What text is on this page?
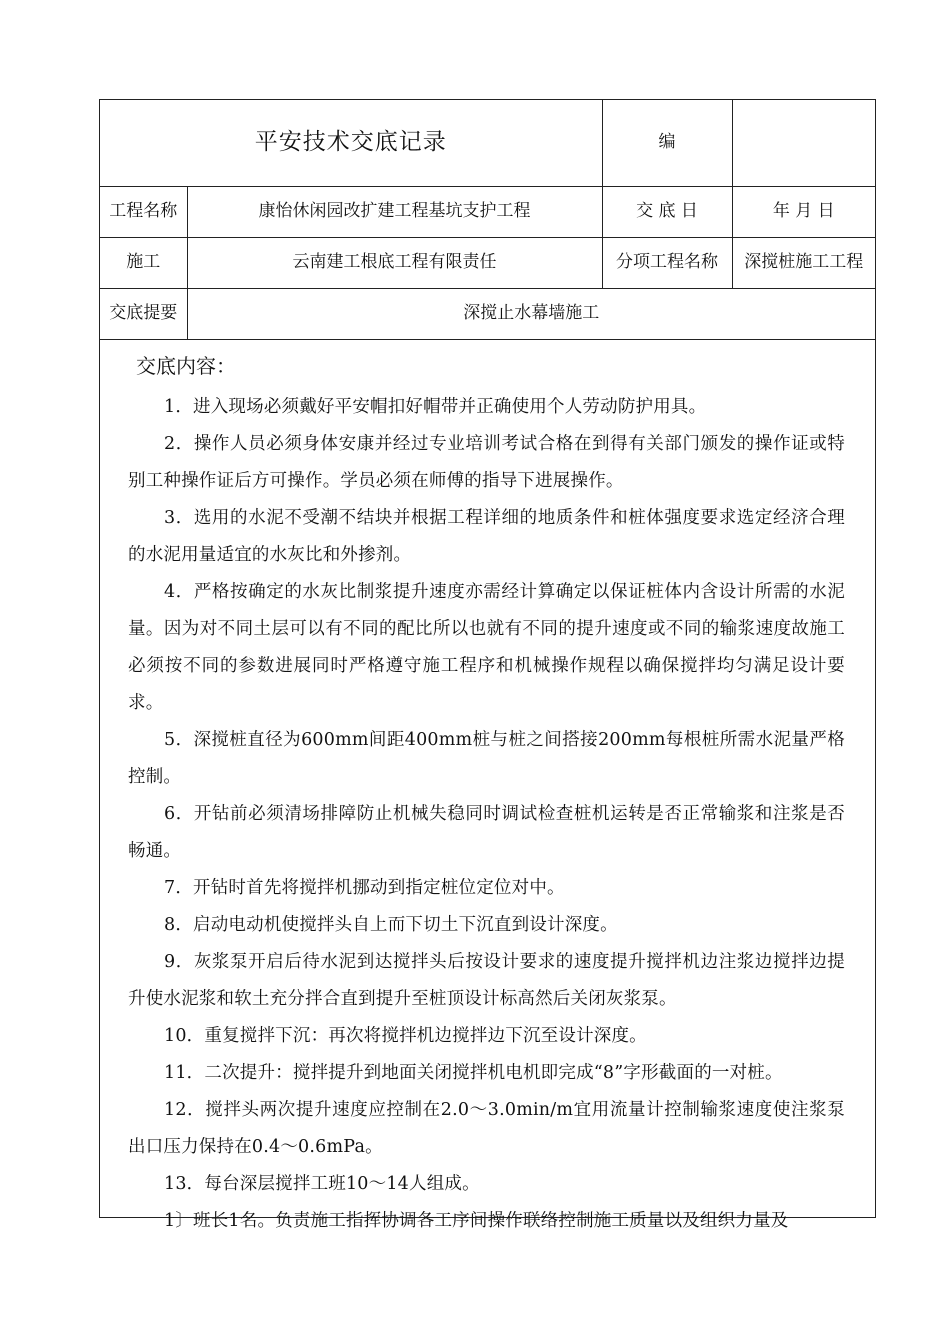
平安技术交底记录		编	
工程名称	康怡休闲园改扩建工程基坑支护工程	交 底 日	年 月 日
施工	云南建工根底工程有限责任	分项工程名称	深搅桩施工工程
交底提要	深搅止水幕墙施工		
交底内容：

1．进入现场必须戴好平安帽扣好帽带并正确使用个人劳动防护用具。

2．操作人员必须身体安康并经过专业培训考试合格在到得有关部门颁发的操作证或特别工种操作证后方可操作。学员必须在师傅的指导下进展操作。

3．选用的水泥不受潮不结块并根据工程详细的地质条件和桩体强度要求选定经济合理的水泥用量适宜的水灰比和外掺剂。

4．严格按确定的水灰比制浆提升速度亦需经计算确定以保证桩体内含设计所需的水泥量。因为对不同土层可以有不同的配比所以也就有不同的提升速度或不同的输浆速度故施工必须按不同的参数进展同时严格遵守施工程序和机械操作规程以确保搅拌均匀满足设计要求。

5．深搅桩直径为600mm间距400mm桩与桩之间搭接200mm每根桩所需水泥量严格控制。

6．开钻前必须清场排障防止机械失稳同时调试检查桩机运转是否正常输浆和注浆是否畅通。

7．开钻时首先将搅拌机挪动到指定桩位定位对中。

8．启动电动机使搅拌头自上而下切土下沉直到设计深度。

9．灰浆泵开启后待水泥到达搅拌头后按设计要求的速度提升搅拌机边注浆边搅拌边提升使水泥浆和软土充分拌合直到提升至桩顶设计标高然后关闭灰浆泵。

10．重复搅拌下沉：再次将搅拌机边搅拌边下沉至设计深度。

11．二次提升：搅拌提升到地面关闭搅拌机电机即完成“8”字形截面的一对桩。

12．搅拌头两次提升速度应控制在2.0～3.0min/m宜用流量计控制输浆速度使注浆泵出口压力保持在0.4～0.6mPa。

13．每台深层搅拌工班10～14人组成。

1〕班长1名。负责施工指挥协调各工序间操作联络控制施工质量以及组织力量及
